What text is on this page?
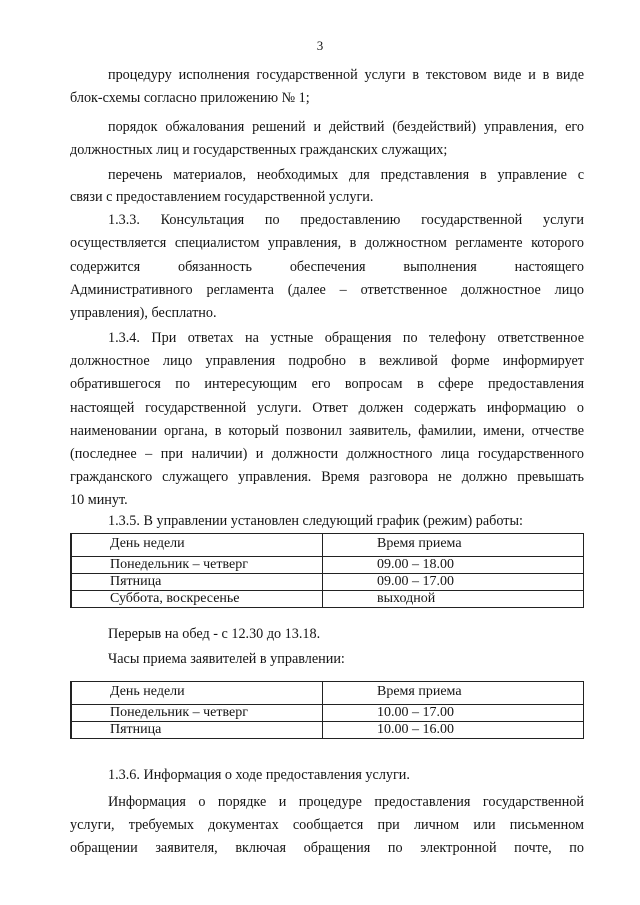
3
процедуру исполнения государственной услуги в текстовом виде и в виде
блок-схемы согласно приложению № 1;
порядок обжалования решений и действий (бездействий) управления, его
должностных лиц и государственных гражданских служащих;
перечень материалов, необходимых для представления в управление с
связи с предоставлением государственной услуги.
1.3.3. Консультация по предоставлению государственной услуги
осуществляется специалистом управления, в должностном регламенте которого
содержится обязанность обеспечения выполнения настоящего
Административного регламента (далее – ответственное должностное лицо
управления), бесплатно.
1.3.4. При ответах на устные обращения по телефону ответственное
должностное лицо управления подробно в вежливой форме информирует
обратившегося по интересующим его вопросам в сфере предоставления
настоящей государственной услуги. Ответ должен содержать информацию о
наименовании органа, в который позвонил заявитель, фамилии, имени, отчестве
(последнее – при наличии) и должности должностного лица государственного
гражданского служащего управления. Время разговора не должно превышать
10 минут.
1.3.5. В управлении установлен следующий график (режим) работы:
День недели	Время приема
Понедельник – четверг	09.00 – 18.00
Пятница	09.00 – 17.00
Суббота, воскресенье	выходной
Перерыв на обед - с 12.30 до 13.18.
Часы приема заявителей в управлении:
День недели	Время приема
Понедельник – четверг	10.00 – 17.00
Пятница	10.00 – 16.00
1.3.6. Информация о ходе предоставления услуги.
Информация о порядке и процедуре предоставления государственной
услуги, требуемых документах сообщается при личном или письменном
обращении заявителя, включая обращения по электронной почте, по
